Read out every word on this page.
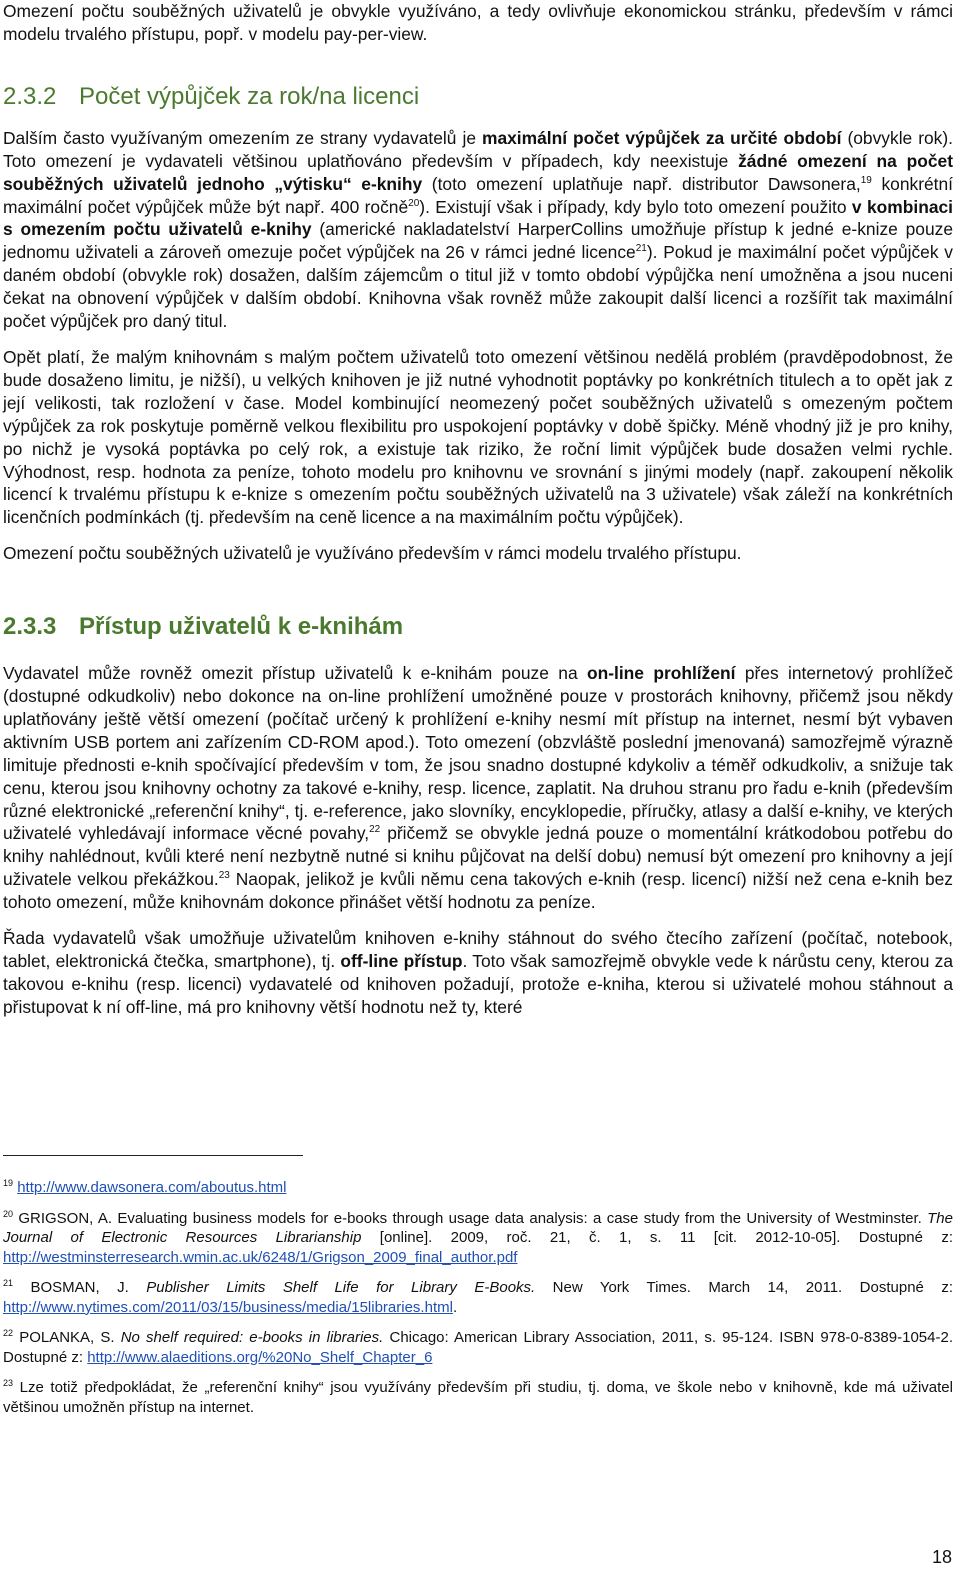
Omezení počtu souběžných uživatelů je obvykle využíváno, a tedy ovlivňuje ekonomickou stránku, především v rámci modelu trvalého přístupu, popř. v modelu pay-per-view.

2.3.2 Počet výpůjček za rok/na licenci

Dalším často využívaným omezením ze strany vydavatelů je maximální počet výpůjček za určité období (obvykle rok). Toto omezení je vydavateli většinou uplatňováno především v případech, kdy neexistuje žádné omezení na počet souběžných uživatelů jednoho „výtisku“ e-knihy (toto omezení uplatňuje např. distributor Dawsonera,$^{19}$ konkrétní maximální počet výpůjček může být např. 400 ročně$^{20}$). Existují však i případy, kdy bylo toto omezení použito v kombinaci s omezením počtu uživatelů e-knihy (americké nakladatelství HarperCollins umožňuje přístup k jedné e-knize pouze jednomu uživateli a zároveň omezuje počet výpůjček na 26 v rámci jedné licence$^{21}$). Pokud je maximální počet výpůjček v daném období (obvykle rok) dosažen, dalším zájemcům o titul již v tomto období výpůjčka není umožněna a jsou nuceni čekat na obnovení výpůjček v dalším období. Knihovna však rovněž může zakoupit další licenci a rozšířit tak maximální počet výpůjček pro daný titul.

Opět platí, že malým knihovnám s malým počtem uživatelů toto omezení většinou nedělá problém (pravděpodobnost, že bude dosaženo limitu, je nižší), u velkých knihoven je již nutné vyhodnotit poptávky po konkrétních titulech a to opět jak z její velikosti, tak rozložení v čase. Model kombinující neomezený počet souběžných uživatelů s omezeným počtem výpůjček za rok poskytuje poměrně velkou flexibilitu pro uspokojení poptávky v době špičky. Méně vhodný již je pro knihy, po nichž je vysoká poptávka po celý rok, a existuje tak riziko, že roční limit výpůjček bude dosažen velmi rychle. Výhodnost, resp. hodnota za peníze, tohoto modelu pro knihovnu ve srovnání s jinými modely (např. zakoupení několik licencí k trvalému přístupu k e-knize s omezením počtu souběžných uživatelů na 3 uživatele) však záleží na konkrétních licenčních podmínkách (tj. především na ceně licence a na maximálním počtu výpůjček).

Omezení počtu souběžných uživatelů je využíváno především v rámci modelu trvalého přístupu.

2.3.3 Přístup uživatelů k e-knihám

Vydavatel může rovněž omezit přístup uživatelů k e-knihám pouze na on-line prohlížení přes internetový prohlížeč (dostupné odkudkoliv) nebo dokonce na on-line prohlížení umožněné pouze v prostorách knihovny, přičemž jsou někdy uplatňovány ještě větší omezení (počítač určený k prohlížení e-knihy nesmí mít přístup na internet, nesmí být vybaven aktivním USB portem ani zařízením CD-ROM apod.). Toto omezení (obzvláště poslední jmenovaná) samozřejmě výrazně limituje přednosti e-knih spočívající především v tom, že jsou snadno dostupné kdykoliv a téměř odkudkoliv, a snižuje tak cenu, kterou jsou knihovny ochotny za takové e-knihy, resp. licence, zaplatit. Na druhou stranu pro řadu e-knih (především různé elektronické „referenční knihy“, tj. e-reference, jako slovníky, encyklopedie, příručky, atlasy a další e-knihy, ve kterých uživatelé vyhledávají informace věcné povahy,$^{22}$ přičemž se obvykle jedná pouze o momentální krátkodobou potřebu do knihy nahlédnout, kvůli které není nezbytně nutné si knihu půjčovat na delší dobu) nemusí být omezení pro knihovny a její uživatele velkou překážkou.$^{23}$ Naopak, jelikož je kvůli němu cena takových e-knih (resp. licencí) nižší než cena e-knih bez tohoto omezení, může knihovnám dokonce přinášet větší hodnotu za peníze.

Řada vydavatelů však umožňuje uživatelům knihoven e-knihy stáhnout do svého čtecího zařízení (počítač, notebook, tablet, elektronická čtečka, smartphone), tj. off-line přístup. Toto však samozřejmě obvykle vede k nárůstu ceny, kterou za takovou e-knihu (resp. licenci) vydavatelé od knihoven požadují, protože e-kniha, kterou si uživatelé mohou stáhnout a přistupovat k ní off-line, má pro knihovny větší hodnotu než ty, které

$^{19}$ http://www.dawsonera.com/aboutus.html

$^{20}$ GRIGSON, A. Evaluating business models for e-books through usage data analysis: a case study from the University of Westminster. The Journal of Electronic Resources Librarianship [online]. 2009, roč. 21, č. 1, s. 11 [cit. 2012-10-05]. Dostupné z: http://westminsterresearch.wmin.ac.uk/6248/1/Grigson_2009_final_author.pdf

$^{21}$ BOSMAN, J. Publisher Limits Shelf Life for Library E-Books. New York Times. March 14, 2011. Dostupné z: http://www.nytimes.com/2011/03/15/business/media/15libraries.html.

$^{22}$ POLANKA, S. No shelf required: e-books in libraries. Chicago: American Library Association, 2011, s. 95-124. ISBN 978-0-8389-1054-2. Dostupné z: http://www.alaeditions.org/%20No_Shelf_Chapter_6

$^{23}$ Lze totiž předpokládat, že „referenční knihy“ jsou využívány především při studiu, tj. doma, ve škole nebo v knihovně, kde má uživatel většinou umožněn přístup na internet.

18
